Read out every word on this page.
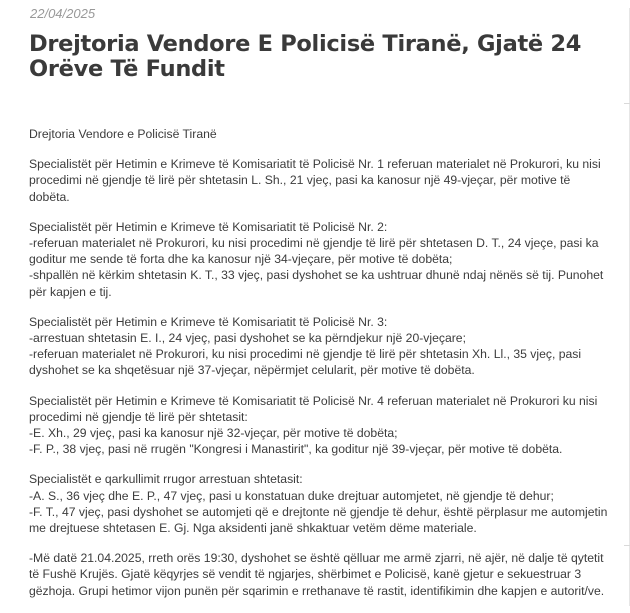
22/04/2025
Drejtoria Vendore E Policisë Tiranë, Gjatë 24 Orëve Të Fundit

Drejtoria Vendore e Policisë Tiranë

Specialistët për Hetimin e Krimeve të Komisariatit të Policisë Nr. 1 referuan materialet në Prokurori, ku nisi procedimi në gjendje të lirë për shtetasin L. Sh., 21 vjeç, pasi ka kanosur një 49-vjeçar, për motive të dobëta.

Specialistët për Hetimin e Krimeve të Komisariatit të Policisë Nr. 2:
-referuan materialet në Prokurori, ku nisi procedimi në gjendje të lirë për shtetasen D. T., 24 vjeçe, pasi ka goditur me sende të forta dhe ka kanosur një 34-vjeçare, për motive të dobëta;
-shpallën në kërkim shtetasin K. T., 33 vjeç, pasi dyshohet se ka ushtruar dhunë ndaj nënës së tij. Punohet për kapjen e tij.

Specialistët për Hetimin e Krimeve të Komisariatit të Policisë Nr. 3:
-arrestuan shtetasin E. I., 24 vjeç, pasi dyshohet se ka përndjekur një 20-vjeçare;
-referuan materialet në Prokurori, ku nisi procedimi në gjendje të lirë për shtetasin Xh. Ll., 35 vjeç, pasi dyshohet se ka shqetësuar një 37-vjeçar, nëpërmjet celularit, për motive të dobëta.

Specialistët për Hetimin e Krimeve të Komisariatit të Policisë Nr. 4 referuan materialet në Prokurori ku nisi procedimi në gjendje të lirë për shtetasit:
-E. Xh., 29 vjeç, pasi ka kanosur një 32-vjeçar, për motive të dobëta;
-F. P., 38 vjeç, pasi në rrugën "Kongresi i Manastirit", ka goditur një 39-vjeçar, për motive të dobëta.

Specialistët e qarkullimit rrugor arrestuan shtetasit:
-A. S., 36 vjeç dhe E. P., 47 vjeç, pasi u konstatuan duke drejtuar automjetet, në gjendje të dehur;
-F. T., 47 vjeç, pasi dyshohet se automjeti që e drejtonte në gjendje të dehur, është përplasur me automjetin me drejtuese shtetasen E. Gj. Nga aksidenti janë shkaktuar vetëm dëme materiale.

-Më datë 21.04.2025, rreth orës 19:30, dyshohet se është qëlluar me armë zjarri, në ajër, në dalje të qytetit të Fushë Krujës. Gjatë këqyrjes së vendit të ngjarjes, shërbimet e Policisë, kanë gjetur e sekuestruar 3 gëzhoja. Grupi hetimor vijon punën për sqarimin e rrethanave të rastit, identifikimin dhe kapjen e autorit/ve.
